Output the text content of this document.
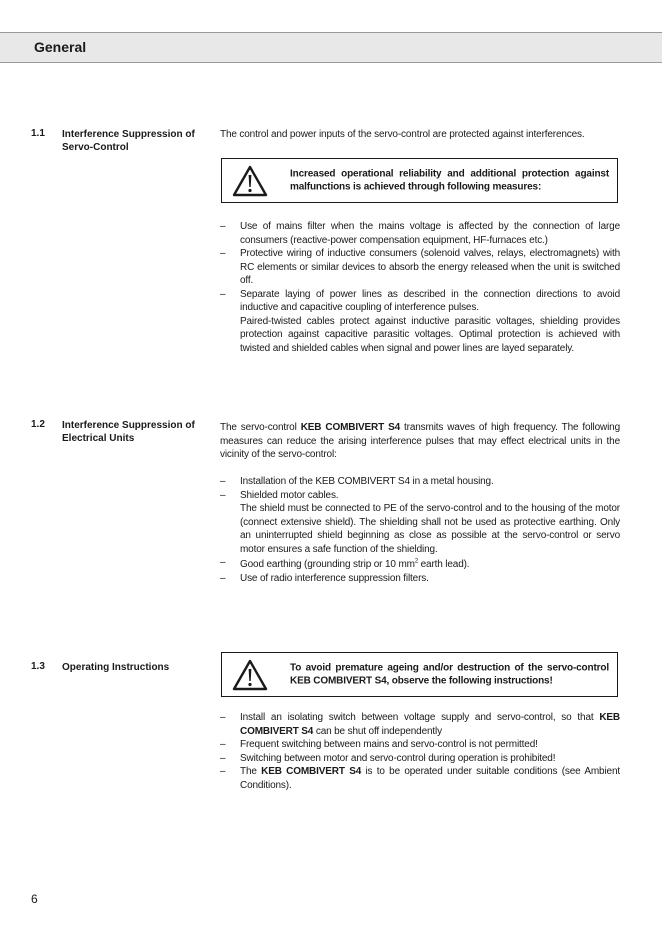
General
1.1 Interference Suppression of Servo-Control

The control and power inputs of the servo-control are protected against interferences.

Increased operational reliability and additional protection against malfunctions is achieved through following measures:
– Use of mains filter when the mains voltage is affected by the connection of large consumers (reactive-power compensation equipment, HF-furnaces etc.)
– Protective wiring of inductive consumers (solenoid valves, relays, electromagnets) with RC elements or similar devices to absorb the energy released when the unit is switched off.
– Separate laying of power lines as described in the connection directions to avoid inductive and capacitive coupling of interference pulses.
Paired-twisted cables protect against inductive parasitic voltages, shielding provides protection against capacitive parasitic voltages. Optimal protection is achieved with twisted and shielded cables when signal and power lines are layed separately.
1.2 Interference Suppression of Electrical Units

The servo-control KEB COMBIVERT S4 transmits waves of high frequency. The following measures can reduce the arising interference pulses that may effect electrical units in the vicinity of the servo-control:

– Installation of the KEB COMBIVERT S4 in a metal housing.
– Shielded motor cables.
The shield must be connected to PE of the servo-control and to the housing of the motor (connect extensive shield). The shielding shall not be used as protective earthing. Only an uninterrupted shield beginning as close as possible at the servo-control or servo motor ensures a safe function of the shielding.
– Good earthing (grounding strip or 10 $mm^2$ earth lead).
– Use of radio interference suppression filters.
1.3 Operating Instructions	To avoid premature ageing and/or destruction of the servo-control KEB COMBIVERT S4, observe the following instructions!
– Install an isolating switch between voltage supply and servo-control, so that KEB COMBIVERT S4 can be shut off independently
– Frequent switching between mains and servo-control is not permitted!
– Switching between motor and servo-control during operation is prohibited!
– The KEB COMBIVERT S4 is to be operated under suitable conditions (see Ambient Conditions).
6
